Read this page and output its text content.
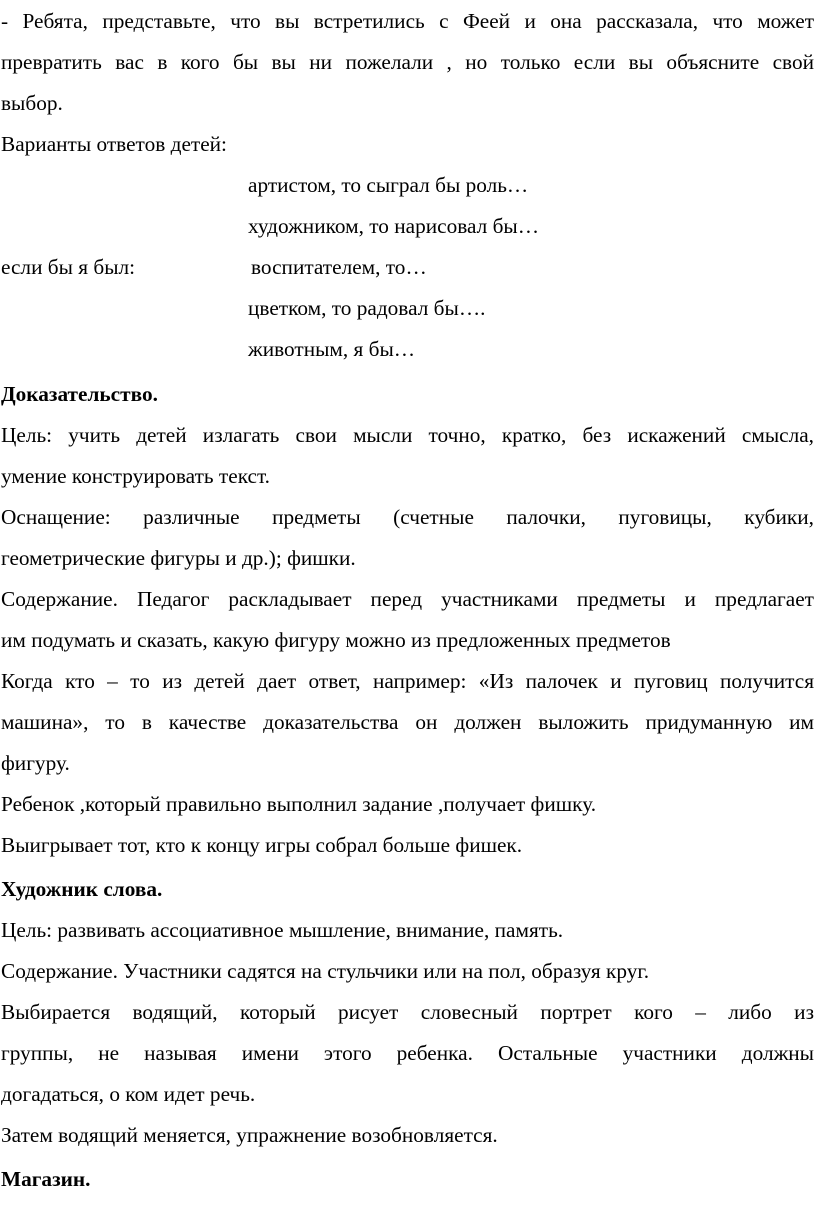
- Ребята, представьте, что вы встретились с Феей и она рассказала, что может
превратить вас в кого бы вы ни пожелали , но только если вы объясните свой
выбор.
Варианты ответов детей:
артистом, то сыграл бы роль…
художником, то нарисовал бы…
если бы я был:	воспитателем, то…
цветком, то радовал бы….
животным, я бы…
Доказательство.
Цель: учить детей излагать свои мысли точно, кратко, без искажений смысла,
умение конструировать текст.
Оснащение: различные предметы (счетные палочки, пуговицы, кубики,
геометрические фигуры и др.); фишки.
Содержание. Педагог раскладывает перед участниками предметы и предлагает
им подумать и сказать, какую фигуру можно из предложенных предметов
Когда кто – то из детей дает ответ, например: «Из палочек и пуговиц получится
машина», то в качестве доказательства он должен выложить придуманную им
фигуру.
Ребенок ,который правильно выполнил задание ,получает фишку.
Выигрывает тот, кто к концу игры собрал больше фишек.
Художник слова.
Цель: развивать ассоциативное мышление, внимание, память.
Содержание. Участники садятся на стульчики или на пол, образуя круг.
Выбирается водящий, который рисует словесный портрет кого – либо из
группы, не называя имени этого ребенка. Остальные участники должны
догадаться, о ком идет речь.
Затем водящий меняется, упражнение возобновляется.
Магазин.
